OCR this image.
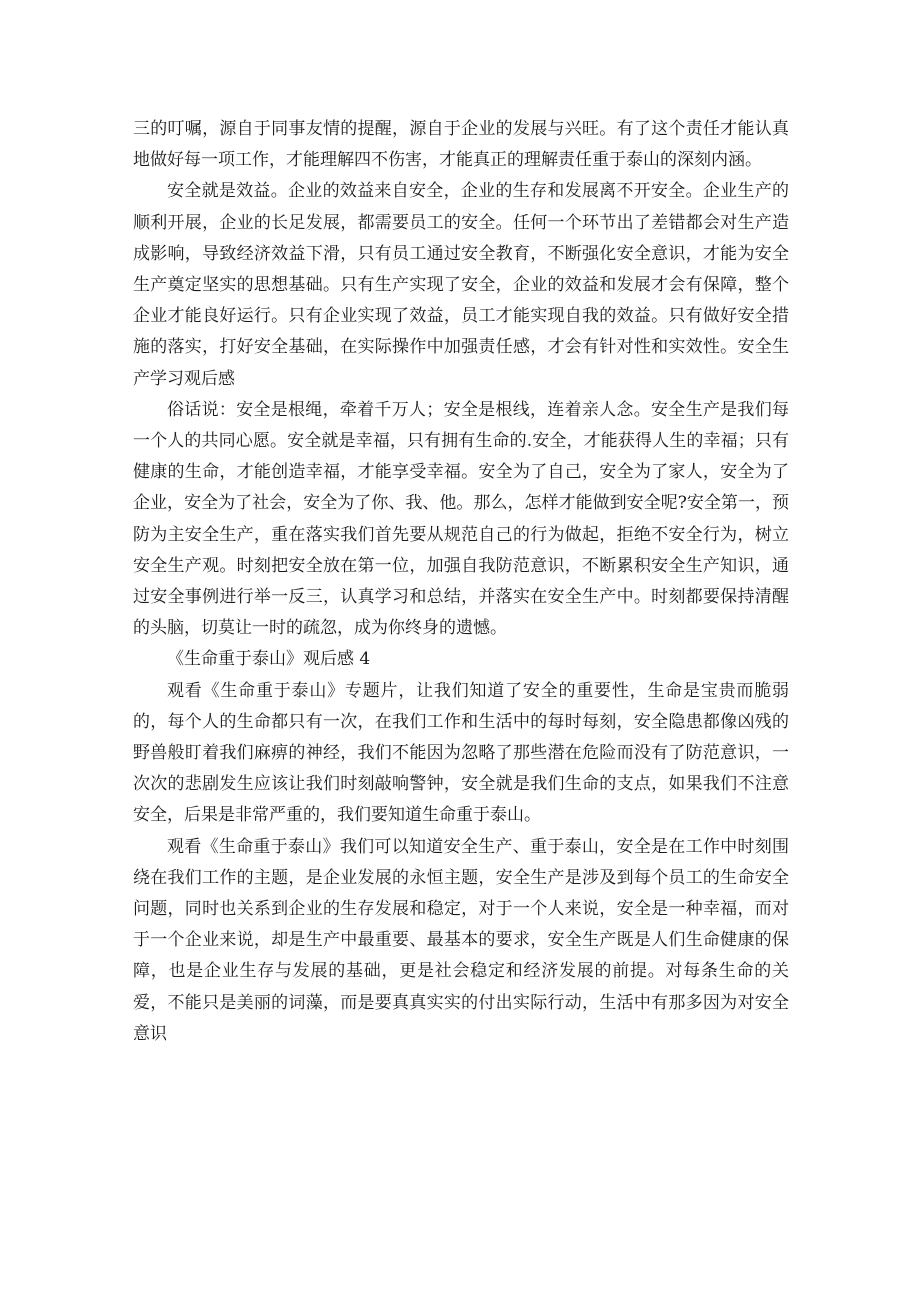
三的叮嘱，源自于同事友情的提醒，源自于企业的发展与兴旺。有了这个责任才能认真地做好每一项工作，才能理解四不伤害，才能真正的理解责任重于泰山的深刻内涵。

安全就是效益。企业的效益来自安全，企业的生存和发展离不开安全。企业生产的顺利开展，企业的长足发展，都需要员工的安全。任何一个环节出了差错都会对生产造成影响，导致经济效益下滑，只有员工通过安全教育，不断强化安全意识，才能为安全生产奠定坚实的思想基础。只有生产实现了安全，企业的效益和发展才会有保障，整个企业才能良好运行。只有企业实现了效益，员工才能实现自我的效益。只有做好安全措施的落实，打好安全基础，在实际操作中加强责任感，才会有针对性和实效性。安全生产学习观后感

俗话说：安全是根绳，牵着千万人；安全是根线，连着亲人念。安全生产是我们每一个人的共同心愿。安全就是幸福，只有拥有生命的.安全，才能获得人生的幸福；只有健康的生命，才能创造幸福，才能享受幸福。安全为了自己，安全为了家人，安全为了企业，安全为了社会，安全为了你、我、他。那么，怎样才能做到安全呢?安全第一，预防为主安全生产，重在落实我们首先要从规范自己的行为做起，拒绝不安全行为，树立安全生产观。时刻把安全放在第一位，加强自我防范意识，不断累积安全生产知识，通过安全事例进行举一反三，认真学习和总结，并落实在安全生产中。时刻都要保持清醒的头脑，切莫让一时的疏忽，成为你终身的遗憾。

《生命重于泰山》观后感 4

观看《生命重于泰山》专题片，让我们知道了安全的重要性，生命是宝贵而脆弱的，每个人的生命都只有一次，在我们工作和生活中的每时每刻，安全隐患都像凶残的野兽般盯着我们麻痹的神经，我们不能因为忽略了那些潜在危险而没有了防范意识，一次次的悲剧发生应该让我们时刻敲响警钟，安全就是我们生命的支点，如果我们不注意安全，后果是非常严重的，我们要知道生命重于泰山。

观看《生命重于泰山》我们可以知道安全生产、重于泰山，安全是在工作中时刻围绕在我们工作的主题，是企业发展的永恒主题，安全生产是涉及到每个员工的生命安全问题，同时也关系到企业的生存发展和稳定，对于一个人来说，安全是一种幸福，而对于一个企业来说，却是生产中最重要、最基本的要求，安全生产既是人们生命健康的保障，也是企业生存与发展的基础，更是社会稳定和经济发展的前提。对每条生命的关爱，不能只是美丽的词藻，而是要真真实实的付出实际行动，生活中有那多因为对安全意识
